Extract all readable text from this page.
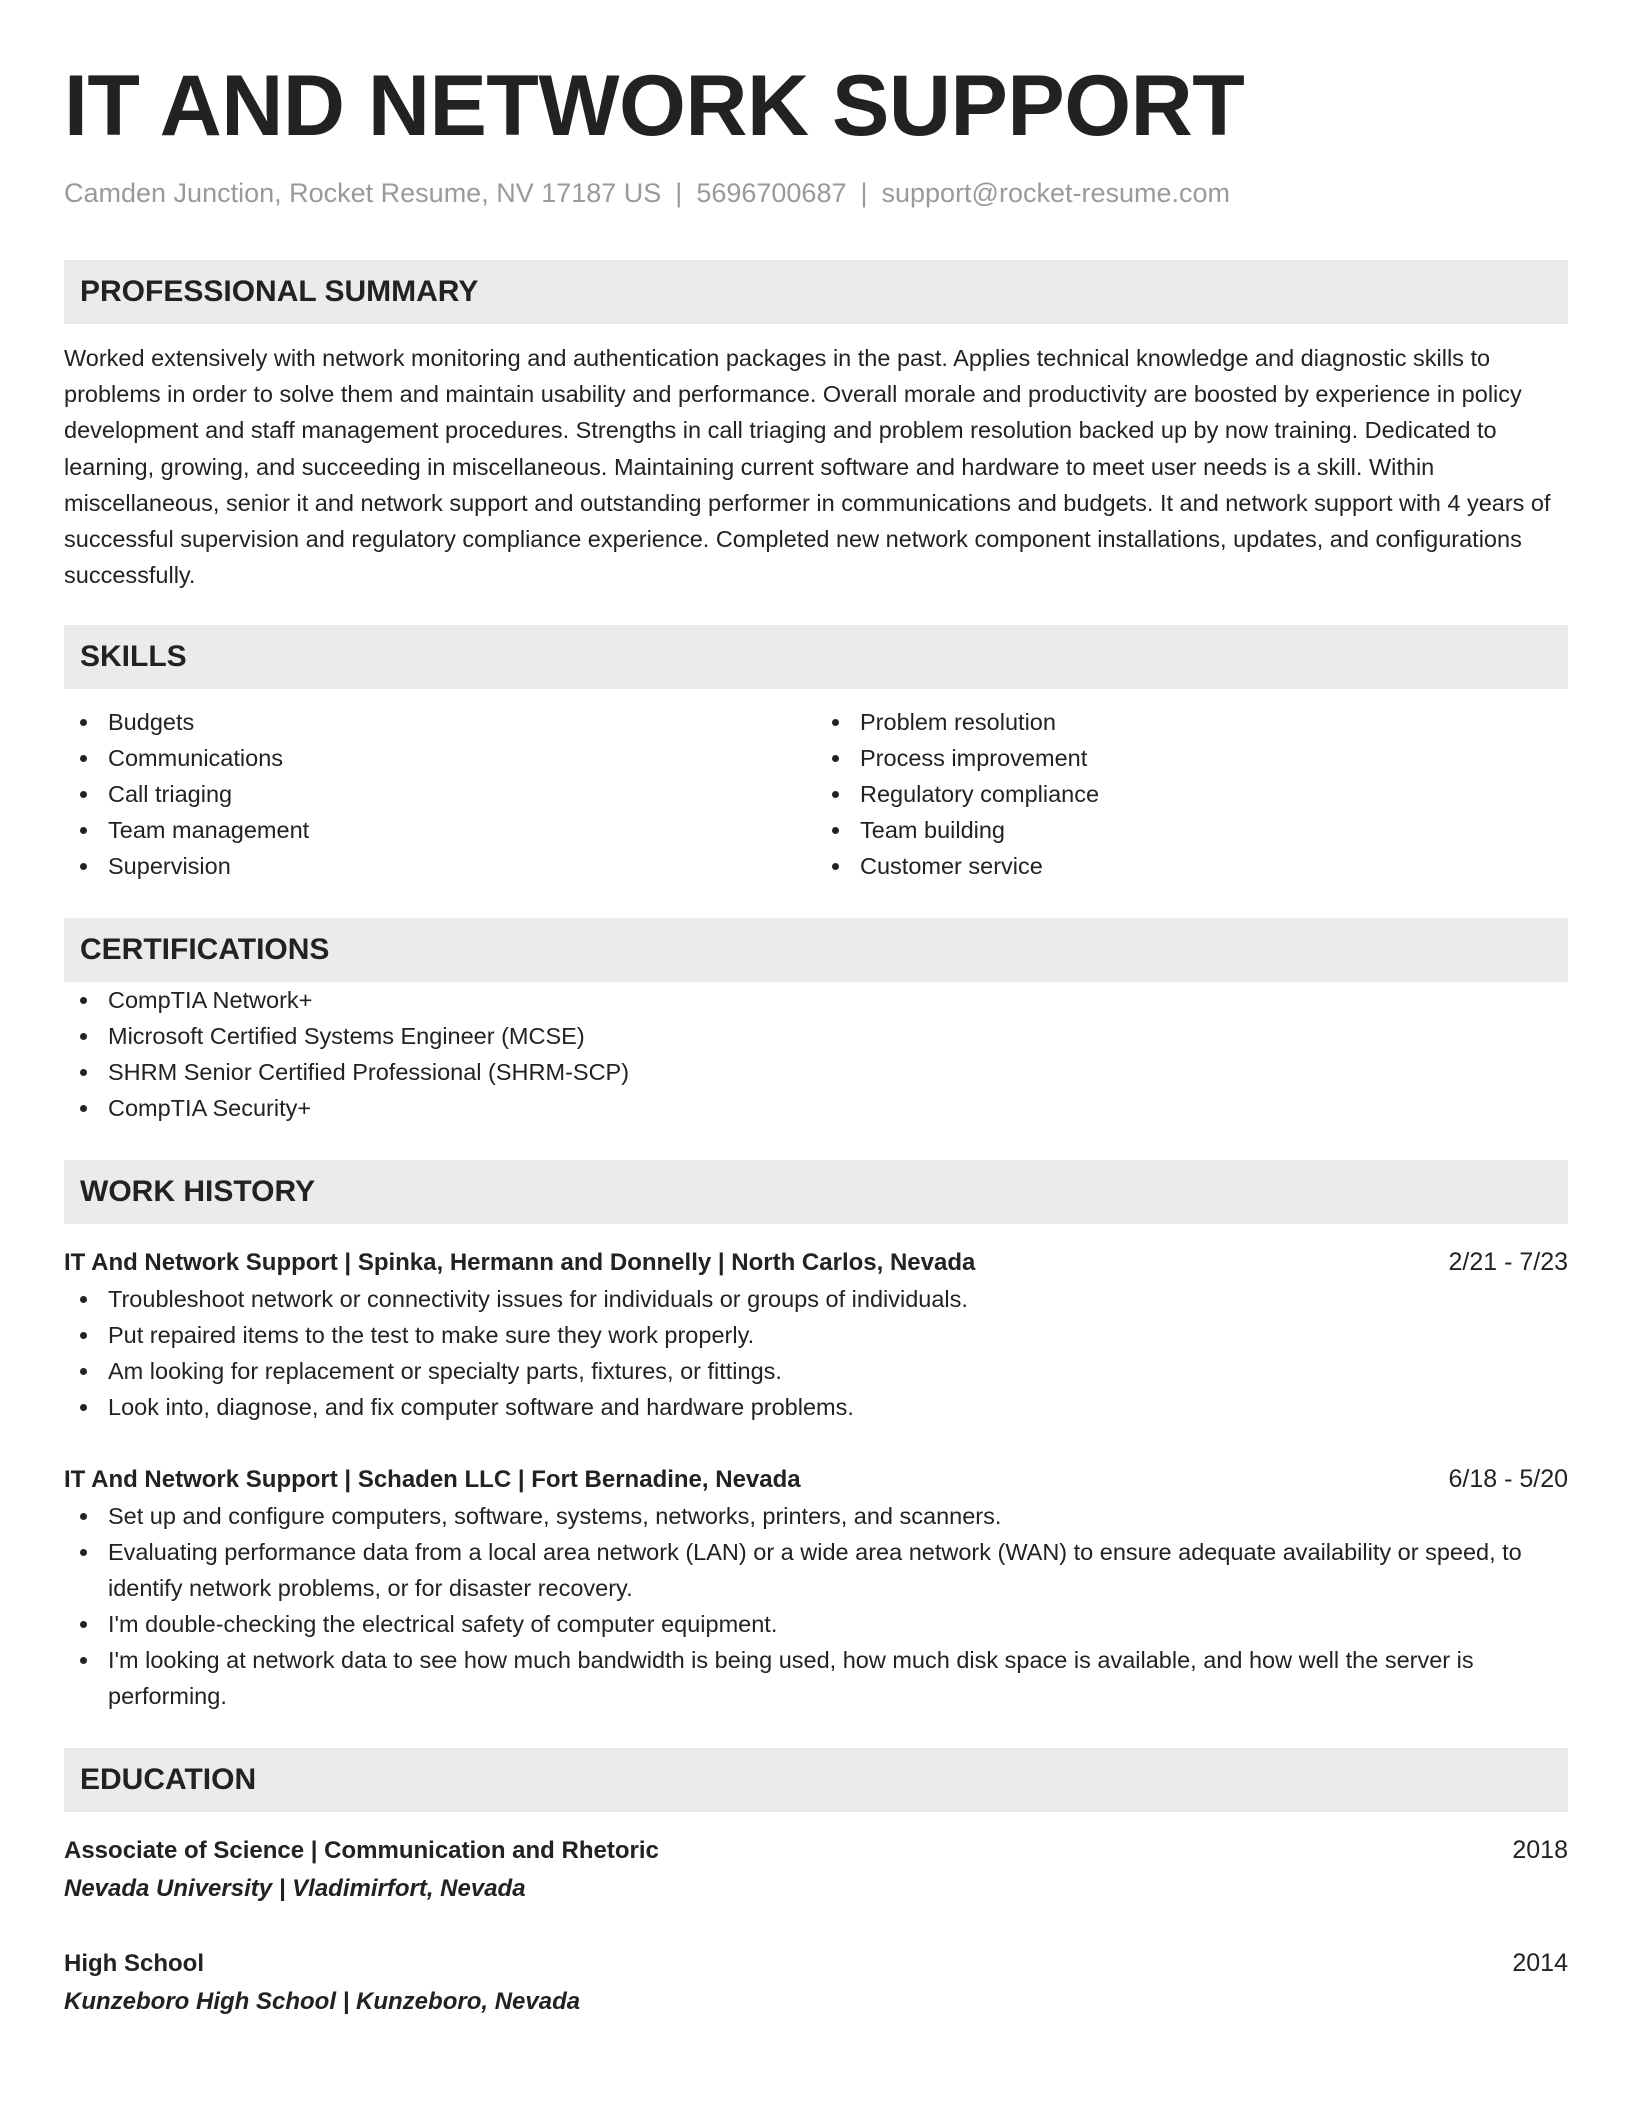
IT AND NETWORK SUPPORT
Camden Junction, Rocket Resume, NV 17187 US | 5696700687 | support@rocket-resume.com
PROFESSIONAL SUMMARY

Worked extensively with network monitoring and authentication packages in the past. Applies technical knowledge and diagnostic skills to problems in order to solve them and maintain usability and performance. Overall morale and productivity are boosted by experience in policy development and staff management procedures. Strengths in call triaging and problem resolution backed up by now training. Dedicated to learning, growing, and succeeding in miscellaneous. Maintaining current software and hardware to meet user needs is a skill. Within miscellaneous, senior it and network support and outstanding performer in communications and budgets. It and network support with 4 years of successful supervision and regulatory compliance experience. Completed new network component installations, updates, and configurations successfully.

SKILLS
Budgets
Communications
Call triaging
Team management
Supervision
Problem resolution
Process improvement
Regulatory compliance
Team building
Customer service
CERTIFICATIONS
CompTIA Network+
Microsoft Certified Systems Engineer (MCSE)
SHRM Senior Certified Professional (SHRM-SCP)
CompTIA Security+
WORK HISTORY
IT And Network Support | Spinka, Hermann and Donnelly | North Carlos, Nevada	2/21 - 7/23
Troubleshoot network or connectivity issues for individuals or groups of individuals.
Put repaired items to the test to make sure they work properly.
Am looking for replacement or specialty parts, fixtures, or fittings.
Look into, diagnose, and fix computer software and hardware problems.
IT And Network Support | Schaden LLC | Fort Bernadine, Nevada	6/18 - 5/20
Set up and configure computers, software, systems, networks, printers, and scanners.
Evaluating performance data from a local area network (LAN) or a wide area network (WAN) to ensure adequate availability or speed, to identify network problems, or for disaster recovery.
I'm double-checking the electrical safety of computer equipment.
I'm looking at network data to see how much bandwidth is being used, how much disk space is available, and how well the server is performing.
EDUCATION
Associate of Science | Communication and Rhetoric	2018
Nevada University | Vladimirfort, Nevada
High School	2014
Kunzeboro High School | Kunzeboro, Nevada
